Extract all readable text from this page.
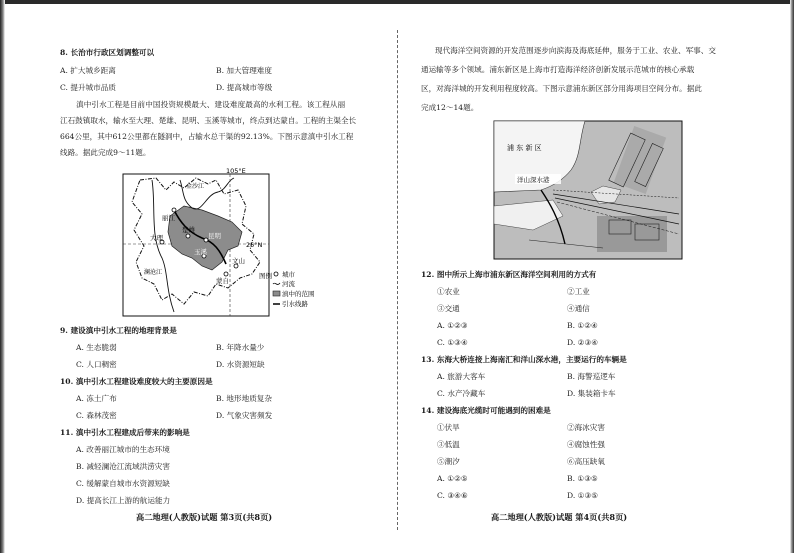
8. 长治市行政区划调整可以
A. 扩大城乡距离	B. 加大管理难度
C. 提升城市品质	D. 提高城市等级
滇中引水工程是目前中国投资规模最大、建设难度最高的水利工程。该工程从丽
江石鼓镇取水，输水至大理、楚雄、昆明、玉溪等城市，终点到达蒙自。工程的主渠全长
664公里，其中612公里都在隧洞中，占输水总干渠的92.13%。下图示意滇中引水工程
线路。据此完成9～11题。
105°E
25°N
丽江
大理
楚雄
昆明
玉溪
文山
蒙自
金沙江
澜沧江	图例 城市
河流
滇中的范围
引水线路
9. 建设滇中引水工程的地理背景是
A. 生态脆弱	B. 年降水量少
C. 人口稠密	D. 水资源短缺
10. 滇中引水工程建设难度较大的主要原因是
A. 冻土广布	B. 地形地质复杂
C. 森林茂密	D. 气象灾害频发
11. 滇中引水工程建成后带来的影响是
A. 改善丽江城市的生态环境
B. 减轻澜沧江流域洪涝灾害
C. 缓解蒙自城市水资源短缺
D. 提高长江上游的航运能力
高二地理(人教版)试题 第3页(共8页)
现代海洋空间资源的开发范围逐步向滨海及海底延伸，服务于工业、农业、军事、交
通运输等多个领域。浦东新区是上海市打造海洋经济创新发展示范城市的核心承载
区，对海洋城的开发利用程度较高。下图示意浦东新区部分用海项目空间分布。据此
完成12～14题。
浦 东 新 区
洋山深水港
12. 图中所示上海市浦东新区海洋空间利用的方式有
①农业	②工业
③交通	④通信
A. ①②③	B. ①②④
C. ①③④	D. ②③④
13. 东海大桥连接上海南汇和洋山深水港，主要运行的车辆是
A. 旅游大客车	B. 海警巡逻车
C. 水产冷藏车	D. 集装箱卡车
14. 建设海底光缆时可能遇到的困难是
①伏旱	②海冰灾害
③低温	④腐蚀性强
⑤潮汐	⑥高压缺氧
A. ①②⑤	B. ①③⑤
C. ③④⑥	D. ①③⑤
高二地理(人教版)试题 第4页(共8页)
